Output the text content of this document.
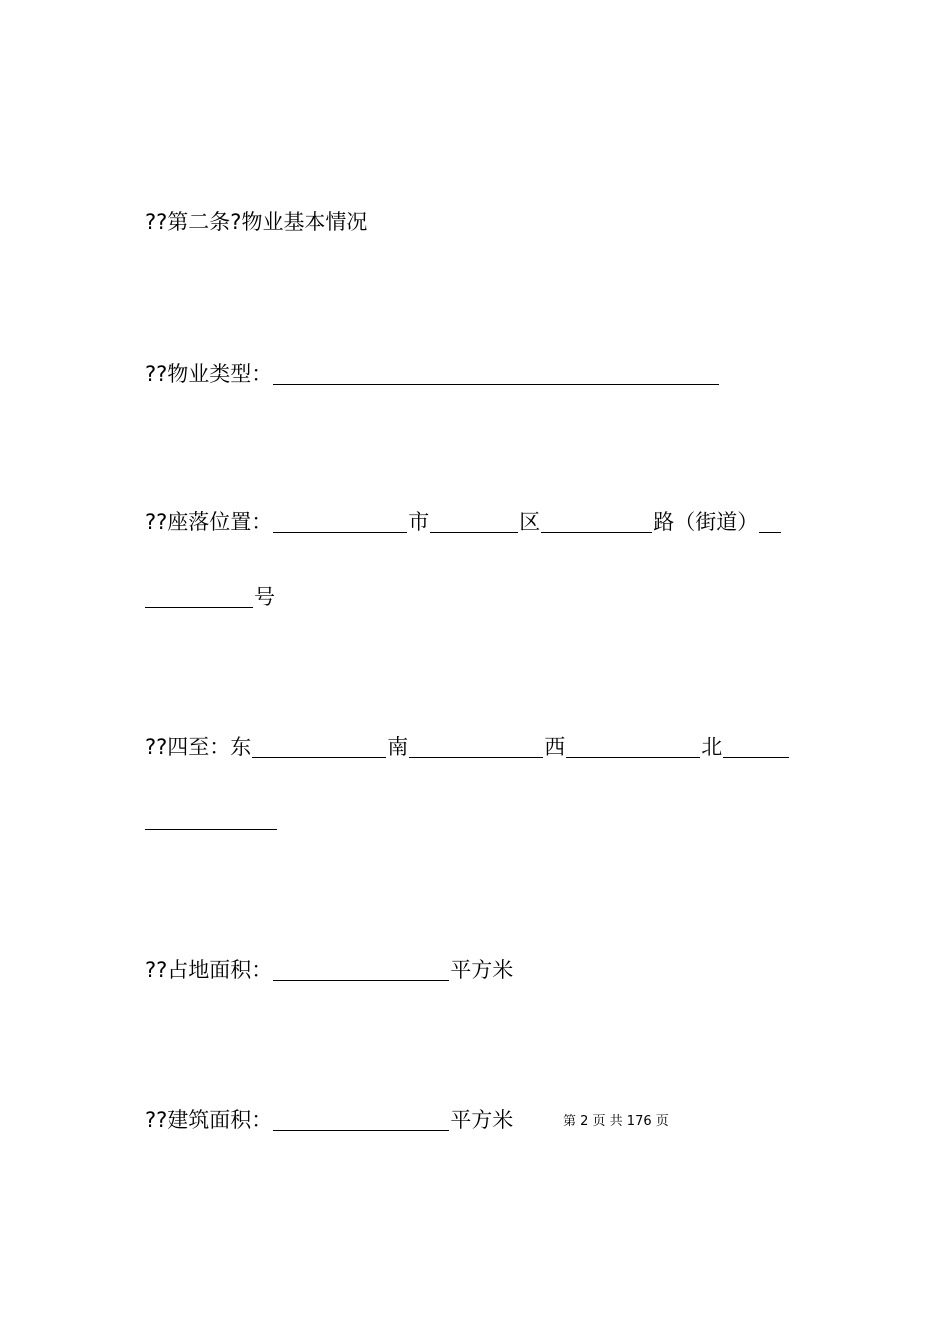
??第二条?物业基本情况
??物业类型：
??座落位置：	市	区	路（街道）
号
??四至： 东	南	西	北
??占地面积：	平方米
??建筑面积：	平方米	第 2 页 共 176 页
